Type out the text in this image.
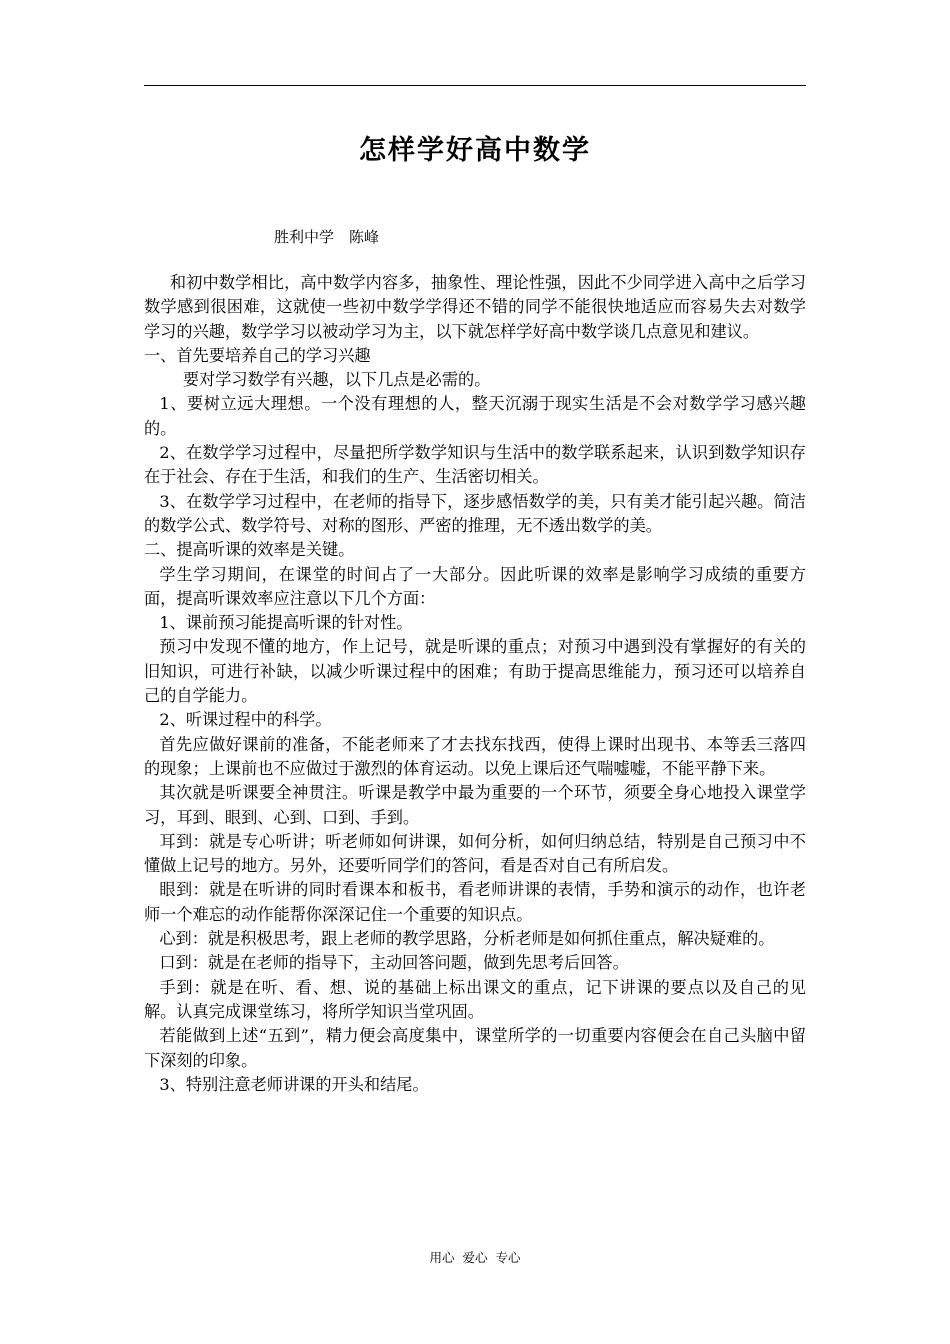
怎样学好高中数学
胜利中学　陈峰

和初中数学相比，高中数学内容多，抽象性、理论性强，因此不少同学进入高中之后学习数学感到很困难，这就使一些初中数学学得还不错的同学不能很快地适应而容易失去对数学学习的兴趣，数学学习以被动学习为主，以下就怎样学好高中数学谈几点意见和建议。

一、首先要培养自己的学习兴趣

要对学习数学有兴趣，以下几点是必需的。

1、要树立远大理想。一个没有理想的人，整天沉溺于现实生活是不会对数学学习感兴趣的。

2、在数学学习过程中，尽量把所学数学知识与生活中的数学联系起来，认识到数学知识存在于社会、存在于生活，和我们的生产、生活密切相关。

3、在数学学习过程中，在老师的指导下，逐步感悟数学的美，只有美才能引起兴趣。简洁的数学公式、数学符号、对称的图形、严密的推理，无不透出数学的美。

二、提高听课的效率是关键。

学生学习期间，在课堂的时间占了一大部分。因此听课的效率是影响学习成绩的重要方面，提高听课效率应注意以下几个方面：

1、课前预习能提高听课的针对性。

预习中发现不懂的地方，作上记号，就是听课的重点；对预习中遇到没有掌握好的有关的旧知识，可进行补缺，以减少听课过程中的困难；有助于提高思维能力，预习还可以培养自己的自学能力。

2、听课过程中的科学。

首先应做好课前的准备，不能老师来了才去找东找西，使得上课时出现书、本等丢三落四的现象；上课前也不应做过于激烈的体育运动。以免上课后还气喘嘘嘘，不能平静下来。

其次就是听课要全神贯注。听课是教学中最为重要的一个环节，须要全身心地投入课堂学习，耳到、眼到、心到、口到、手到。

耳到：就是专心听讲；听老师如何讲课，如何分析，如何归纳总结，特别是自己预习中不懂做上记号的地方。另外，还要听同学们的答问，看是否对自己有所启发。

眼到：就是在听讲的同时看课本和板书，看老师讲课的表情，手势和演示的动作，也许老师一个难忘的动作能帮你深深记住一个重要的知识点。

心到：就是积极思考，跟上老师的教学思路，分析老师是如何抓住重点，解决疑难的。

口到：就是在老师的指导下，主动回答问题，做到先思考后回答。

手到：就是在听、看、想、说的基础上标出课文的重点，记下讲课的要点以及自己的见解。认真完成课堂练习，将所学知识当堂巩固。

若能做到上述“五到”，精力便会高度集中，课堂所学的一切重要内容便会在自己头脑中留下深刻的印象。

3、特别注意老师讲课的开头和结尾。

用心  爱心  专心
